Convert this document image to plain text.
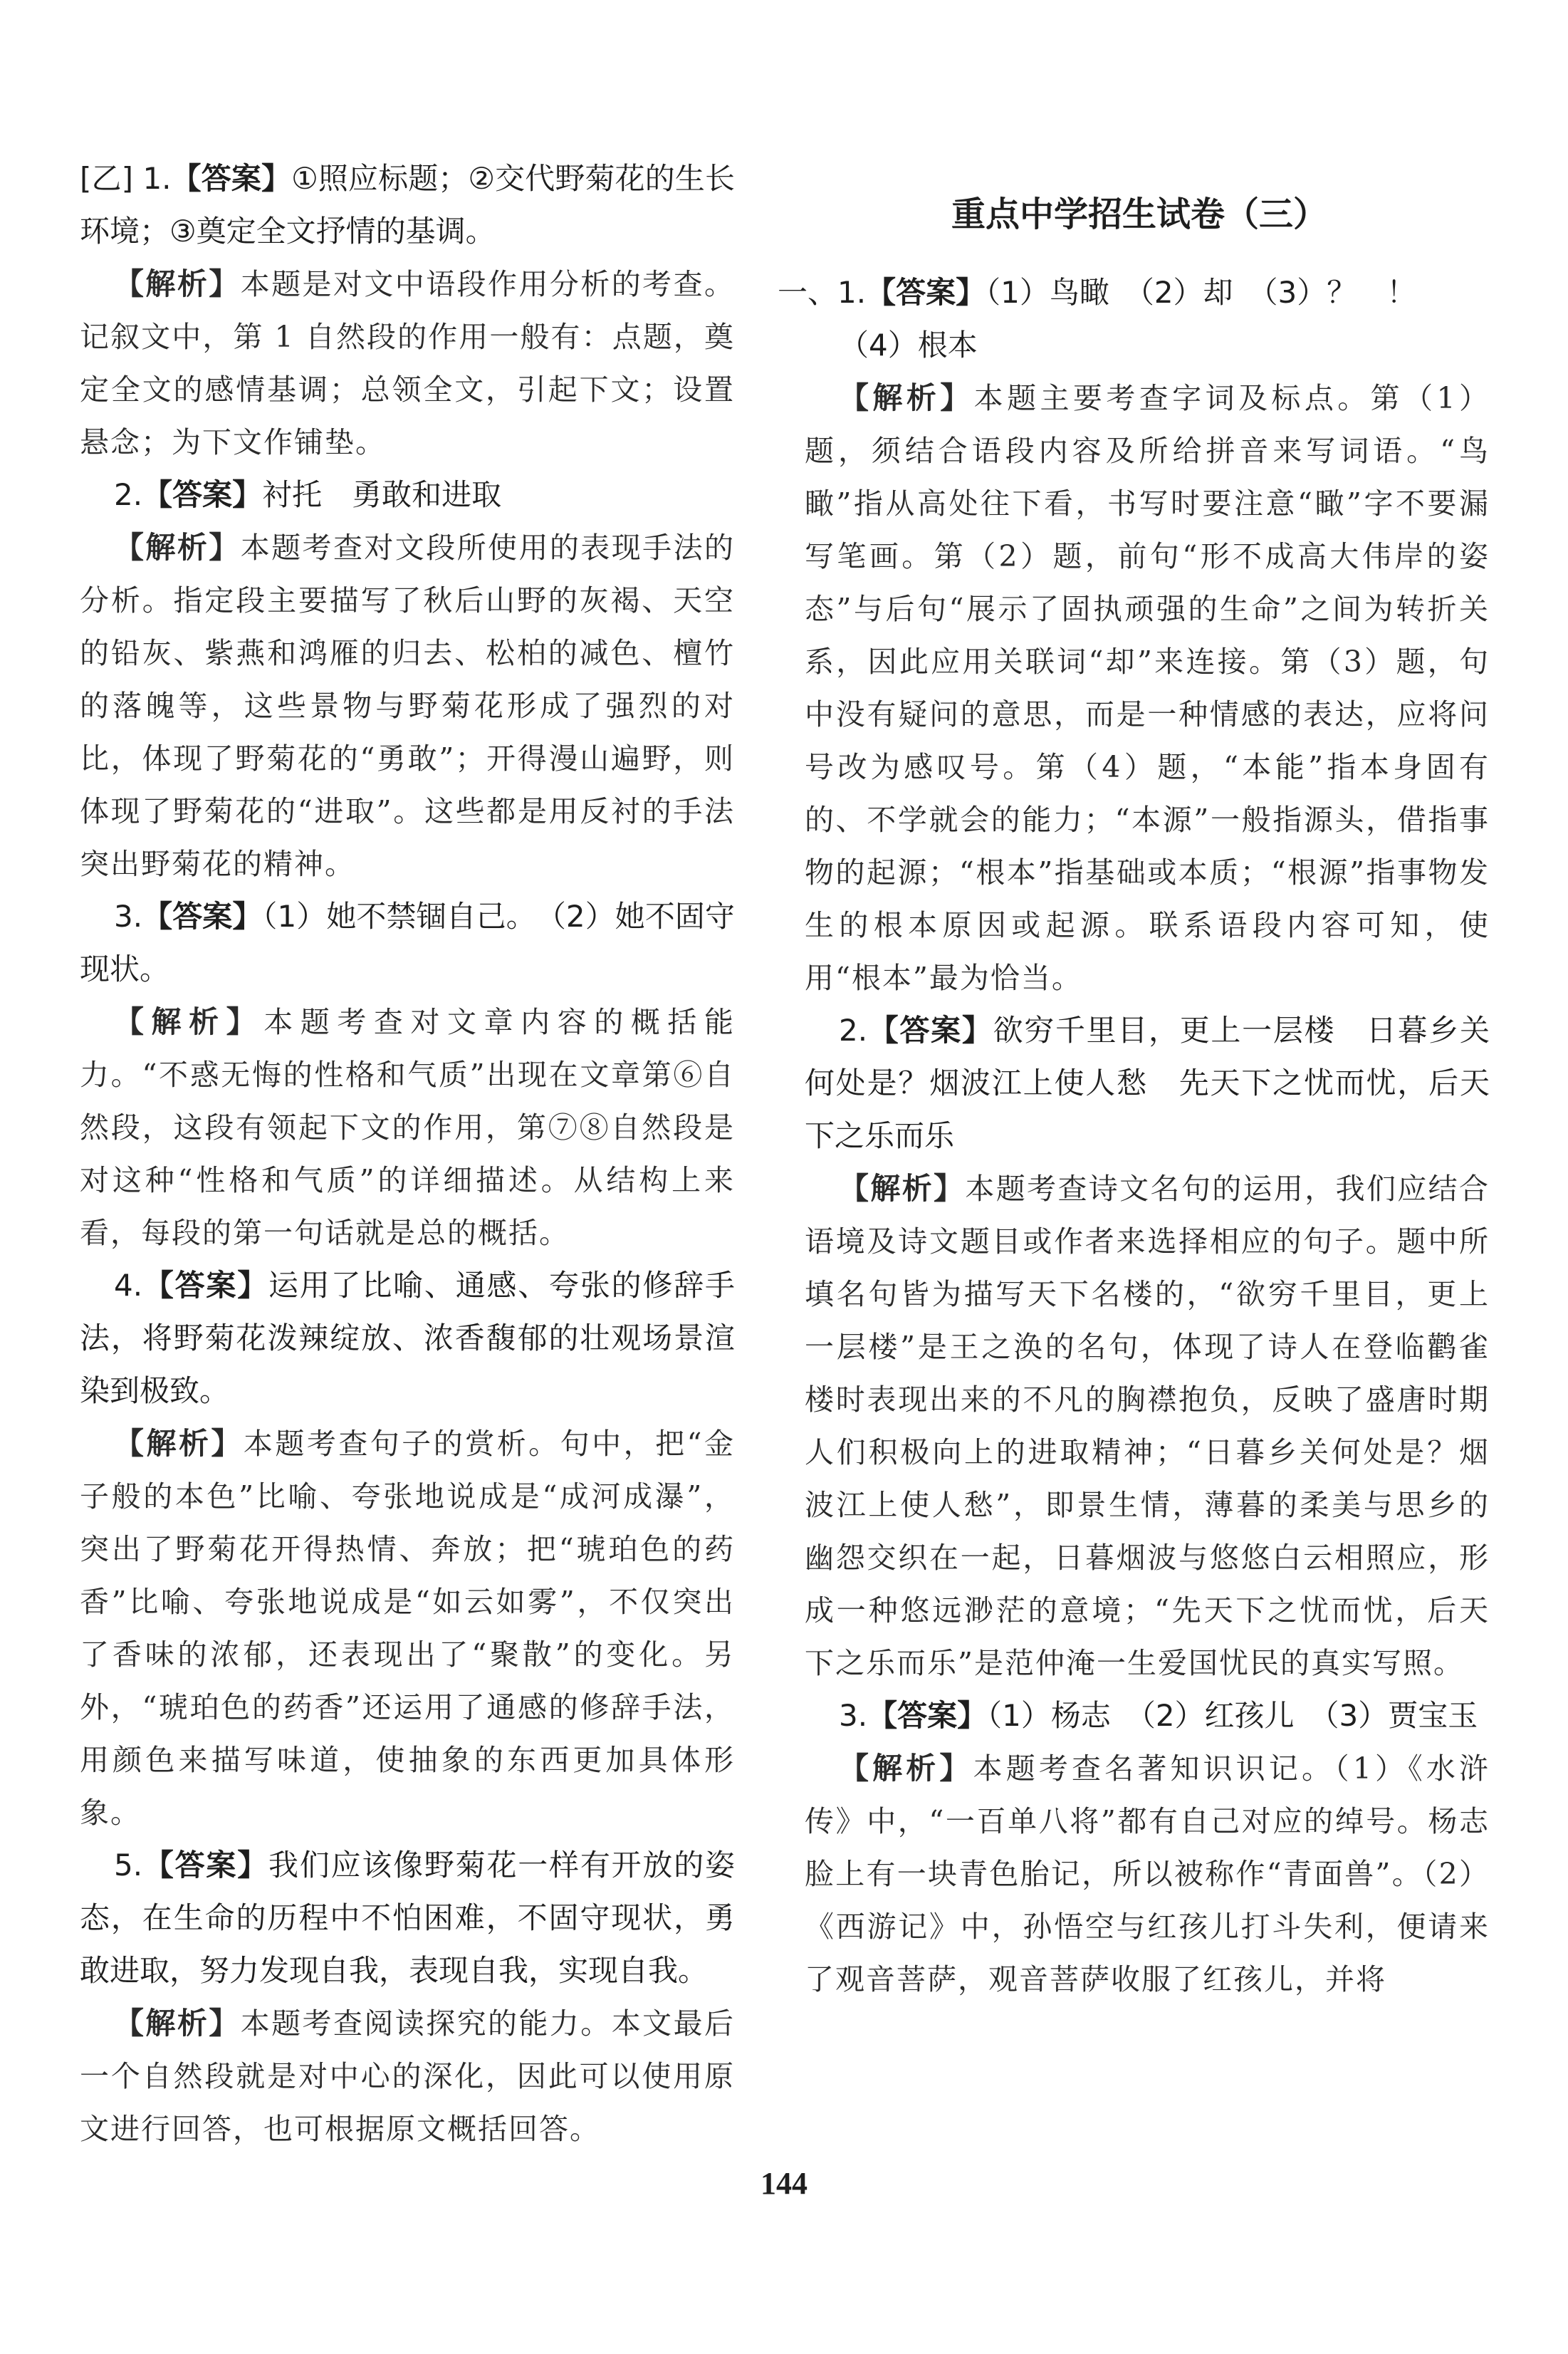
[乙] 1.【答案】①照应标题；②交代野菊花的生长环境；③奠定全文抒情的基调。

【解析】本题是对文中语段作用分析的考查。记叙文中，第 1 自然段的作用一般有：点题，奠定全文的感情基调；总领全文，引起下文；设置悬念；为下文作铺垫。

2.【答案】衬托　勇敢和进取

【解析】本题考查对文段所使用的表现手法的分析。指定段主要描写了秋后山野的灰褐、天空的铅灰、紫燕和鸿雁的归去、松柏的减色、檀竹的落魄等，这些景物与野菊花形成了强烈的对比，体现了野菊花的“勇敢”；开得漫山遍野，则体现了野菊花的“进取”。这些都是用反衬的手法突出野菊花的精神。

3.【答案】（1）她不禁锢自己。　（2）她不固守现状。

【解析】本题考查对文章内容的概括能力。“不惑无悔的性格和气质”出现在文章第⑥自然段，这段有领起下文的作用，第⑦⑧自然段是对这种“性格和气质”的详细描述。从结构上来看，每段的第一句话就是总的概括。

4.【答案】运用了比喻、通感、夸张的修辞手法，将野菊花泼辣绽放、浓香馥郁的壮观场景渲染到极致。

【解析】本题考查句子的赏析。句中，把“金子般的本色”比喻、夸张地说成是“成河成瀑”，突出了野菊花开得热情、奔放；把“琥珀色的药香”比喻、夸张地说成是“如云如雾”，不仅突出了香味的浓郁，还表现出了“聚散”的变化。另外，“琥珀色的药香”还运用了通感的修辞手法，用颜色来描写味道，使抽象的东西更加具体形象。

5.【答案】我们应该像野菊花一样有开放的姿态，在生命的历程中不怕困难，不固守现状，勇敢进取，努力发现自我，表现自我，实现自我。

【解析】本题考查阅读探究的能力。本文最后一个自然段就是对中心的深化，因此可以使用原文进行回答，也可根据原文概括回答。

重点中学招生试卷（三）

一、1.【答案】（1）鸟瞰　（2）却　（3）？　！

（4）根本

【解析】本题主要考查字词及标点。第（1）题，须结合语段内容及所给拼音来写词语。“鸟瞰”指从高处往下看，书写时要注意“瞰”字不要漏写笔画。第（2）题，前句“形不成高大伟岸的姿态”与后句“展示了固执顽强的生命”之间为转折关系，因此应用关联词“却”来连接。第（3）题，句中没有疑问的意思，而是一种情感的表达，应将问号改为感叹号。第（4）题，“本能”指本身固有的、不学就会的能力；“本源”一般指源头，借指事物的起源；“根本”指基础或本质；“根源”指事物发生的根本原因或起源。联系语段内容可知，使用“根本”最为恰当。

2.【答案】欲穷千里目，更上一层楼　日暮乡关何处是？烟波江上使人愁　先天下之忧而忧，后天下之乐而乐

【解析】本题考查诗文名句的运用，我们应结合语境及诗文题目或作者来选择相应的句子。题中所填名句皆为描写天下名楼的，“欲穷千里目，更上一层楼”是王之涣的名句，体现了诗人在登临鹳雀楼时表现出来的不凡的胸襟抱负，反映了盛唐时期人们积极向上的进取精神；“日暮乡关何处是？烟波江上使人愁”，即景生情，薄暮的柔美与思乡的幽怨交织在一起，日暮烟波与悠悠白云相照应，形成一种悠远渺茫的意境；“先天下之忧而忧，后天下之乐而乐”是范仲淹一生爱国忧民的真实写照。

3.【答案】（1）杨志　（2）红孩儿　（3）贾宝玉

【解析】本题考查名著知识识记。（1）《水浒传》中，“一百单八将”都有自己对应的绰号。杨志脸上有一块青色胎记，所以被称作“青面兽”。（2）《西游记》中，孙悟空与红孩儿打斗失利，便请来了观音菩萨，观音菩萨收服了红孩儿，并将

144
